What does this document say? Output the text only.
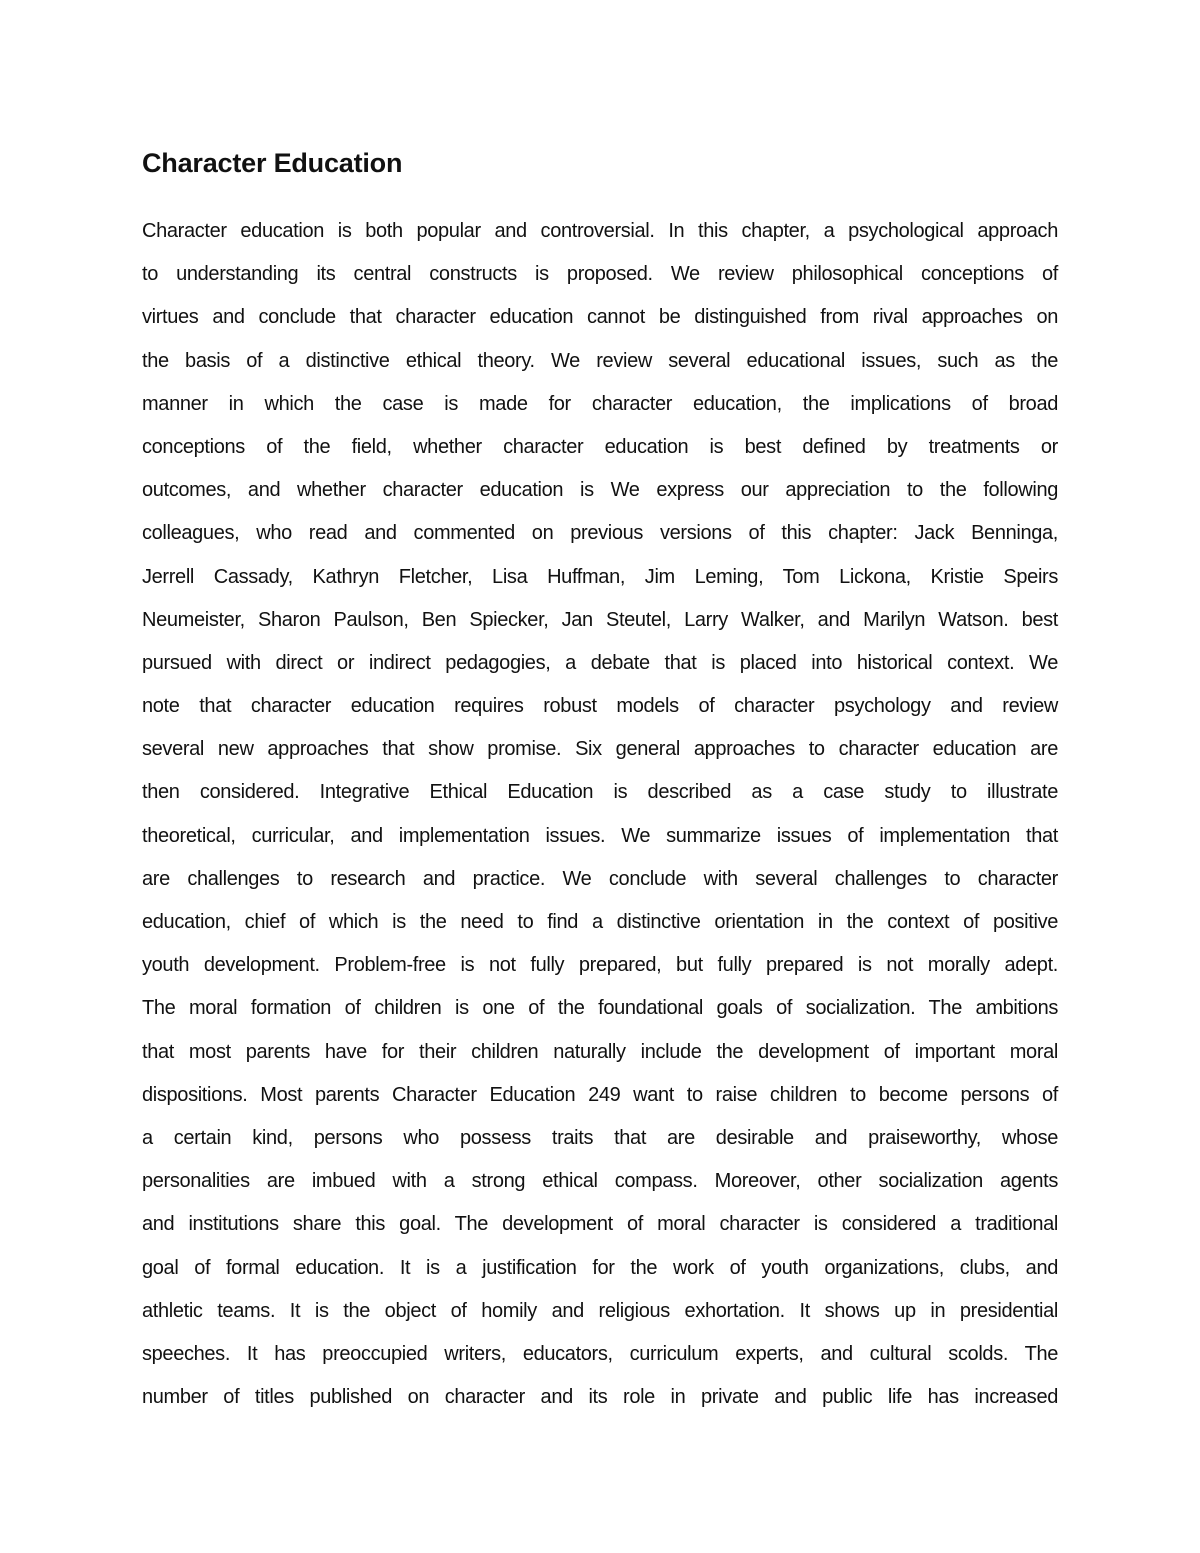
Character Education
Character education is both popular and controversial. In this chapter, a psychological approach
to understanding its central constructs is proposed. We review philosophical conceptions of
virtues and conclude that character education cannot be distinguished from rival approaches on
the basis of a distinctive ethical theory. We review several educational issues, such as the
manner in which the case is made for character education, the implications of broad
conceptions of the field, whether character education is best defined by treatments or
outcomes, and whether character education is We express our appreciation to the following
colleagues, who read and commented on previous versions of this chapter: Jack Benninga,
Jerrell Cassady, Kathryn Fletcher, Lisa Huffman, Jim Leming, Tom Lickona, Kristie Speirs
Neumeister, Sharon Paulson, Ben Spiecker, Jan Steutel, Larry Walker, and Marilyn Watson. best
pursued with direct or indirect pedagogies, a debate that is placed into historical context. We
note that character education requires robust models of character psychology and review
several new approaches that show promise. Six general approaches to character education are
then considered. Integrative Ethical Education is described as a case study to illustrate
theoretical, curricular, and implementation issues. We summarize issues of implementation that
are challenges to research and practice. We conclude with several challenges to character
education, chief of which is the need to find a distinctive orientation in the context of positive
youth development. Problem-free is not fully prepared, but fully prepared is not morally adept.
The moral formation of children is one of the foundational goals of socialization. The ambitions
that most parents have for their children naturally include the development of important moral
dispositions. Most parents Character Education 249 want to raise children to become persons of
a certain kind, persons who possess traits that are desirable and praiseworthy, whose
personalities are imbued with a strong ethical compass. Moreover, other socialization agents
and institutions share this goal. The development of moral character is considered a traditional
goal of formal education. It is a justification for the work of youth organizations, clubs, and
athletic teams. It is the object of homily and religious exhortation. It shows up in presidential
speeches. It has preoccupied writers, educators, curriculum experts, and cultural scolds. The
number of titles published on character and its role in private and public life has increased
